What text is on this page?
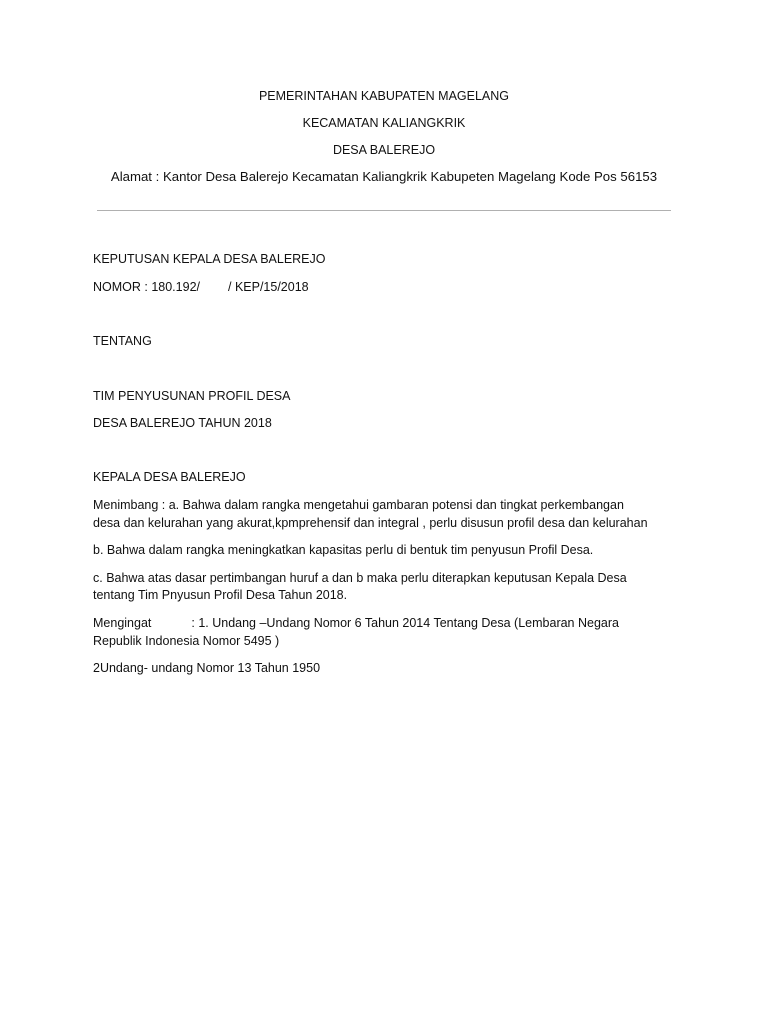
PEMERINTAHAN KABUPATEN MAGELANG
KECAMATAN KALIANGKRIK
DESA BALEREJO
Alamat : Kantor Desa Balerejo Kecamatan Kaliangkrik Kabupeten Magelang Kode Pos 56153
KEPUTUSAN KEPALA DESA BALEREJO
NOMOR : 180.192/ / KEP/15/2018
TENTANG
TIM PENYUSUNAN PROFIL DESA
DESA BALEREJO TAHUN 2018
KEPALA DESA BALEREJO
Menimbang : a. Bahwa dalam rangka mengetahui gambaran potensi dan tingkat perkembangan
desa dan kelurahan yang akurat,kpmprehensif dan integral , perlu disusun profil desa dan kelurahan
b. Bahwa dalam rangka meningkatkan kapasitas perlu di bentuk tim penyusun Profil Desa.
c. Bahwa atas dasar pertimbangan huruf a dan b maka perlu diterapkan keputusan Kepala Desa
tentang Tim Pnyusun Profil Desa Tahun 2018.
Mengingat	: 1. Undang –Undang Nomor 6 Tahun 2014 Tentang Desa (Lembaran Negara
Republik Indonesia Nomor 5495 )
2Undang- undang Nomor 13 Tahun 1950
